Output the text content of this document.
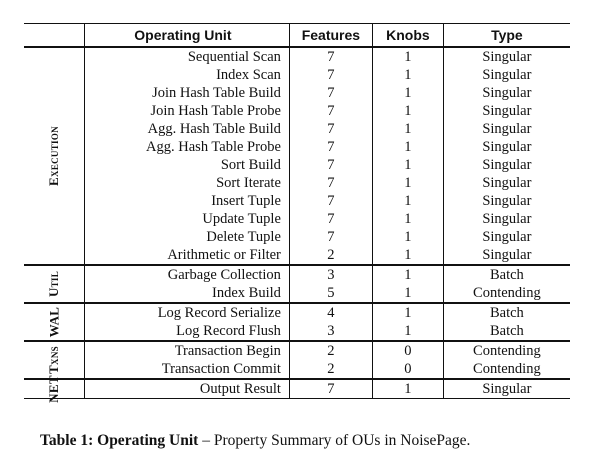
	Operating Unit	Features	Knobs	Type
Execution	Sequential Scan	7	1	Singular
	Index Scan	7	1	Singular
	Join Hash Table Build	7	1	Singular
	Join Hash Table Probe	7	1	Singular
	Agg. Hash Table Build	7	1	Singular
	Agg. Hash Table Probe	7	1	Singular
	Sort Build	7	1	Singular
	Sort Iterate	7	1	Singular
	Insert Tuple	7	1	Singular
	Update Tuple	7	1	Singular
	Delete Tuple	7	1	Singular
	Arithmetic or Filter	2	1	Singular
Util	Garbage Collection	3	1	Batch
	Index Build	5	1	Contending
WAL	Log Record Serialize	4	1	Batch
	Log Record Flush	3	1	Batch
Txns	Transaction Begin	2	0	Contending
	Transaction Commit	2	0	Contending
NET	Output Result	7	1	Singular
Table 1: Operating Unit – Property Summary of OUs in NoisePage.
